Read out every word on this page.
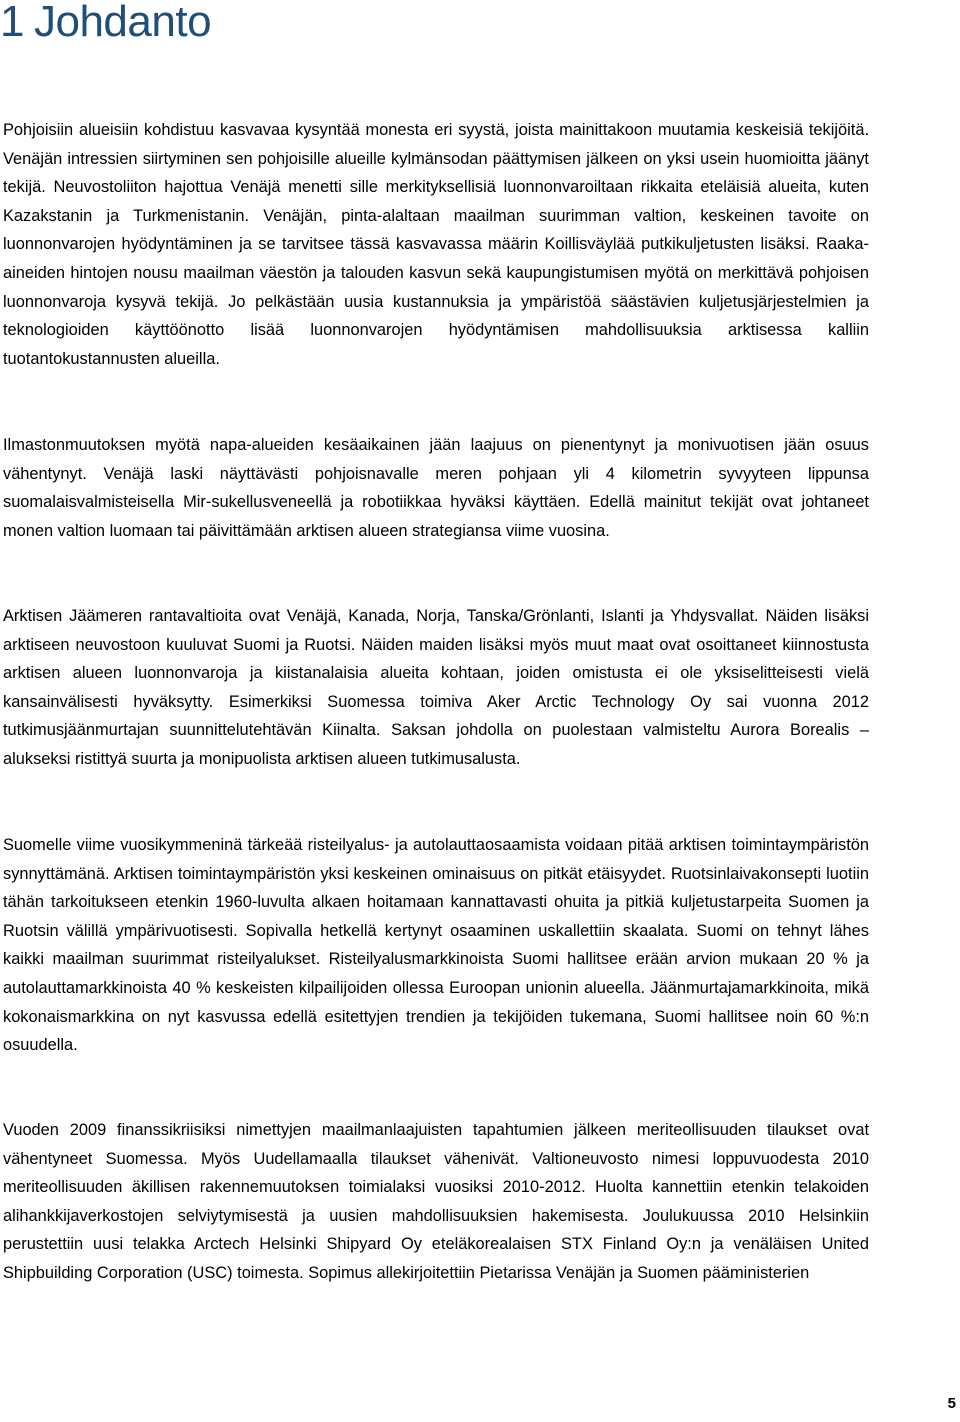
1 Johdanto

Pohjoisiin alueisiin kohdistuu kasvavaa kysyntää monesta eri syystä, joista mainittakoon muutamia keskeisiä tekijöitä. Venäjän intressien siirtyminen sen pohjoisille alueille kylmänsodan päättymisen jälkeen on yksi usein huomioitta jäänyt tekijä. Neuvostoliiton hajottua Venäjä menetti sille merkityksellisiä luonnonvaroiltaan rikkaita eteläisiä alueita, kuten Kazakstanin ja Turkmenistanin. Venäjän, pinta-alaltaan maailman suurimman valtion, keskeinen tavoite on luonnonvarojen hyödyntäminen ja se tarvitsee tässä kasvavassa määrin Koillisväylää putkikuljetusten lisäksi. Raaka-aineiden hintojen nousu maailman väestön ja talouden kasvun sekä kaupungistumisen myötä on merkittävä pohjoisen luonnonvaroja kysyvä tekijä. Jo pelkästään uusia kustannuksia ja ympäristöä säästävien kuljetusjärjestelmien ja teknologioiden käyttöönotto lisää luonnonvarojen hyödyntämisen mahdollisuuksia arktisessa kalliin tuotantokustannusten alueilla.

Ilmastonmuutoksen myötä napa-alueiden kesäaikainen jään laajuus on pienentynyt ja monivuotisen jään osuus vähentynyt. Venäjä laski näyttävästi pohjoisnavalle meren pohjaan yli 4 kilometrin syvyyteen lippunsa suomalaisvalmisteisella Mir-sukellusveneellä ja robotiikkaa hyväksi käyttäen. Edellä mainitut tekijät ovat johtaneet monen valtion luomaan tai päivittämään arktisen alueen strategiansa viime vuosina.

Arktisen Jäämeren rantavaltioita ovat Venäjä, Kanada, Norja, Tanska/Grönlanti, Islanti ja Yhdysvallat. Näiden lisäksi arktiseen neuvostoon kuuluvat Suomi ja Ruotsi. Näiden maiden lisäksi myös muut maat ovat osoittaneet kiinnostusta arktisen alueen luonnonvaroja ja kiistanalaisia alueita kohtaan, joiden omistusta ei ole yksiselitteisesti vielä kansainvälisesti hyväksytty. Esimerkiksi Suomessa toimiva Aker Arctic Technology Oy sai vuonna 2012 tutkimusjäänmurtajan suunnittelutehtävän Kiinalta. Saksan johdolla on puolestaan valmisteltu Aurora Borealis –alukseksi ristittyä suurta ja monipuolista arktisen alueen tutkimusalusta.

Suomelle viime vuosikymmeninä tärkeää risteilyalus- ja autolauttaosaamista voidaan pitää arktisen toimintaympäristön synnyttämänä. Arktisen toimintaympäristön yksi keskeinen ominaisuus on pitkät etäisyydet. Ruotsinlaivakonsepti luotiin tähän tarkoitukseen etenkin 1960-luvulta alkaen hoitamaan kannattavasti ohuita ja pitkiä kuljetustarpeita Suomen ja Ruotsin välillä ympärivuotisesti. Sopivalla hetkellä kertynyt osaaminen uskallettiin skaalata. Suomi on tehnyt lähes kaikki maailman suurimmat risteilyalukset. Risteilyalusmarkkinoista Suomi hallitsee erään arvion mukaan 20 % ja autolauttamarkkinoista 40 % keskeisten kilpailijoiden ollessa Euroopan unionin alueella. Jäänmurtajamarkkinoita, mikä kokonaismarkkina on nyt kasvussa edellä esitettyjen trendien ja tekijöiden tukemana, Suomi hallitsee noin 60 %:n osuudella.

Vuoden 2009 finanssikriisiksi nimettyjen maailmanlaajuisten tapahtumien jälkeen meriteollisuuden tilaukset ovat vähentyneet Suomessa. Myös Uudellamaalla tilaukset vähenivät. Valtioneuvosto nimesi loppuvuodesta 2010 meriteollisuuden äkillisen rakennemuutoksen toimialaksi vuosiksi 2010-2012. Huolta kannettiin etenkin telakoiden alihankkijaverkostojen selviytymisestä ja uusien mahdollisuuksien hakemisesta. Joulukuussa 2010 Helsinkiin perustettiin uusi telakka Arctech Helsinki Shipyard Oy eteläkorealaisen STX Finland Oy:n ja venäläisen United Shipbuilding Corporation (USC) toimesta. Sopimus allekirjoitettiin Pietarissa Venäjän ja Suomen pääministerien

5
